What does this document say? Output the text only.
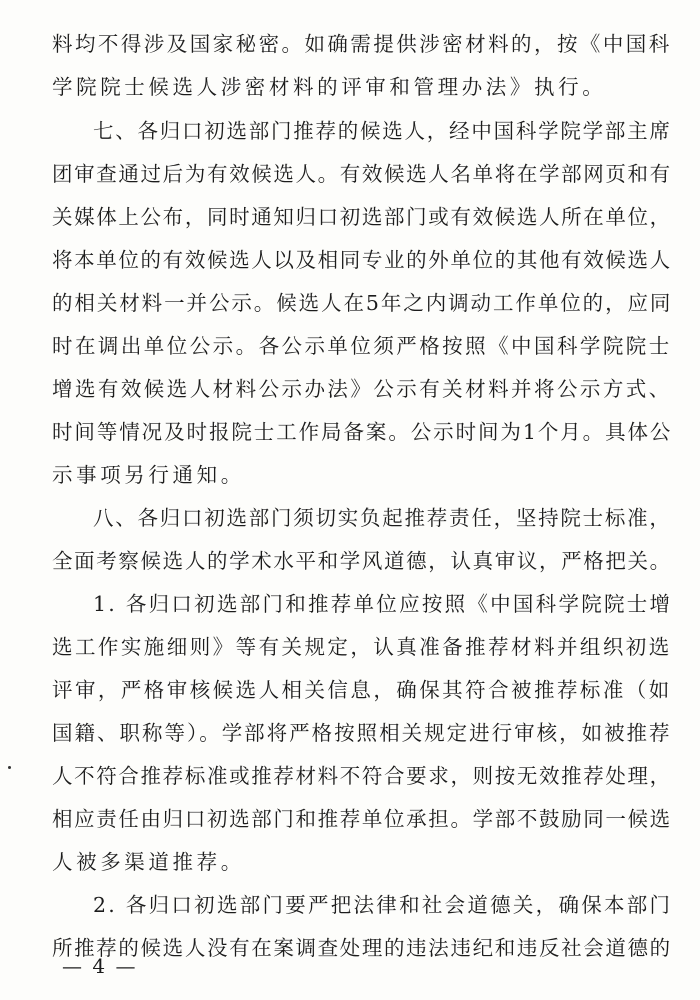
料均不得涉及国家秘密。如确需提供涉密材料的，按《中国科
学院院士候选人涉密材料的评审和管理办法》执行。
七、各归口初选部门推荐的候选人，经中国科学院学部主席
团审查通过后为有效候选人。有效候选人名单将在学部网页和有
关媒体上公布，同时通知归口初选部门或有效候选人所在单位，
将本单位的有效候选人以及相同专业的外单位的其他有效候选人
的相关材料一并公示。候选人在5年之内调动工作单位的，应同
时在调出单位公示。各公示单位须严格按照《中国科学院院士
增选有效候选人材料公示办法》公示有关材料并将公示方式、
时间等情况及时报院士工作局备案。公示时间为1个月。具体公
示事项另行通知。
八、各归口初选部门须切实负起推荐责任，坚持院士标准，
全面考察候选人的学术水平和学风道德，认真审议，严格把关。
1. 各归口初选部门和推荐单位应按照《中国科学院院士增
选工作实施细则》等有关规定，认真准备推荐材料并组织初选
评审，严格审核候选人相关信息，确保其符合被推荐标准（如
国籍、职称等）。学部将严格按照相关规定进行审核，如被推荐
人不符合推荐标准或推荐材料不符合要求，则按无效推荐处理，
相应责任由归口初选部门和推荐单位承担。学部不鼓励同一候选
人被多渠道推荐。
2. 各归口初选部门要严把法律和社会道德关，确保本部门
所推荐的候选人没有在案调查处理的违法违纪和违反社会道德的
— 4 —
